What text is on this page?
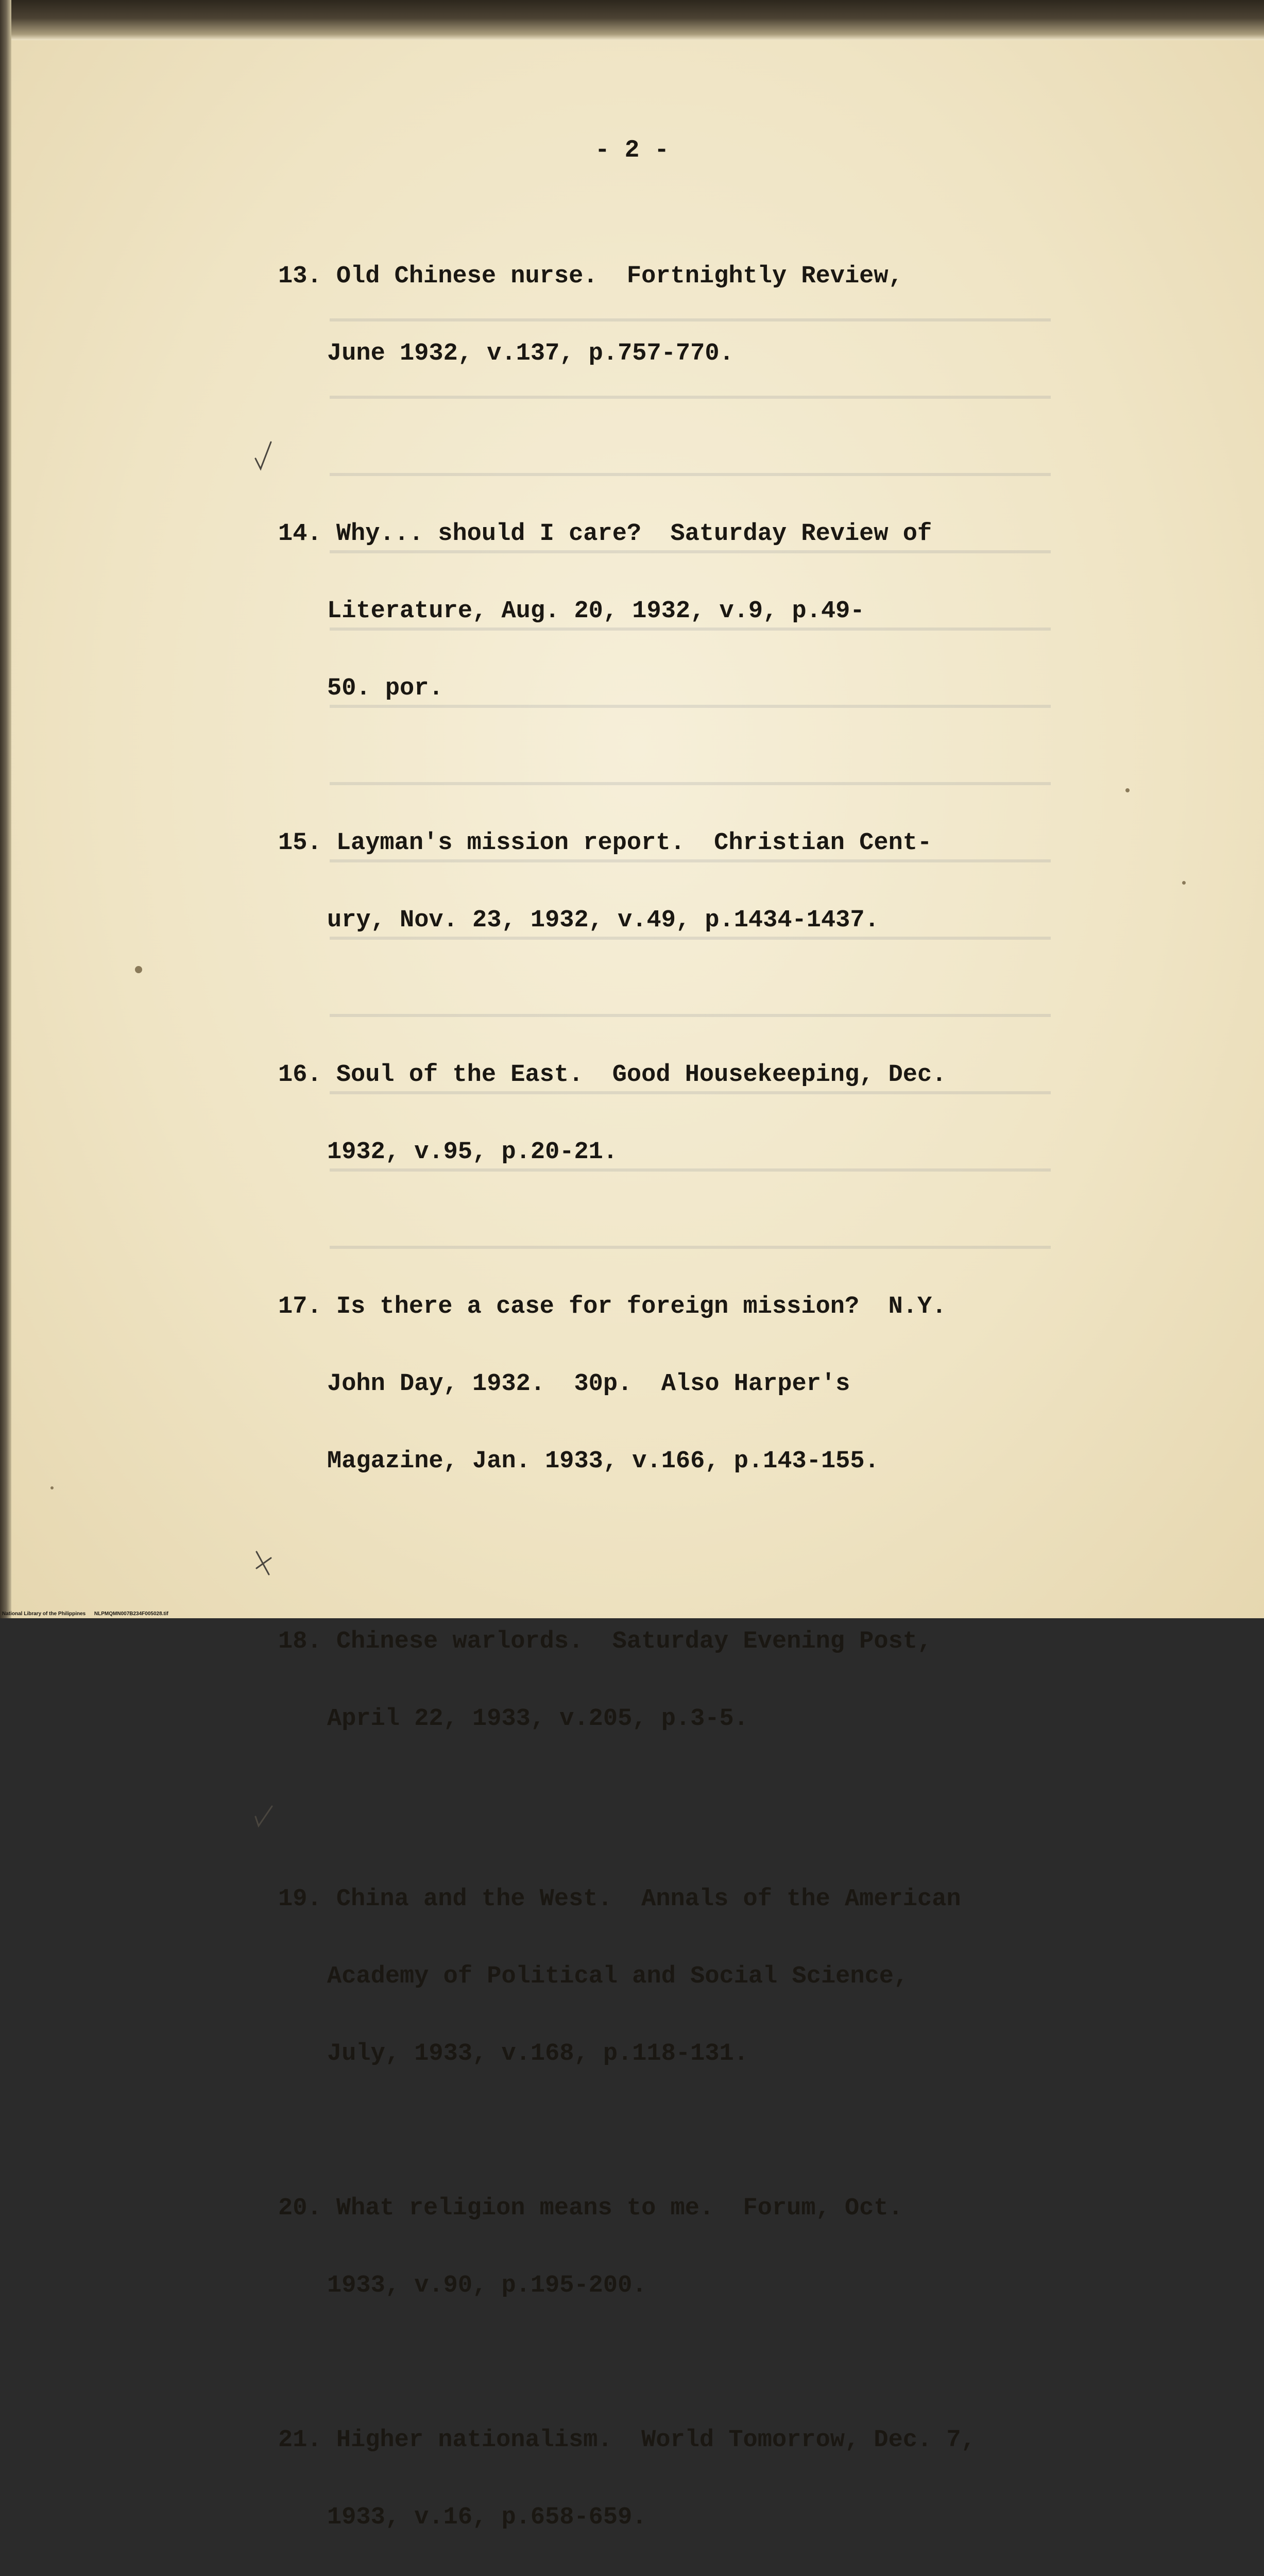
- 2 -

13. Old Chinese nurse.  Fortnightly Review,

June 1932, v.137, p.757-770.

14. Why... should I care?  Saturday Review of

Literature, Aug. 20, 1932, v.9, p.49-

50. por.

15. Layman's mission report.  Christian Cent-

ury, Nov. 23, 1932, v.49, p.1434-1437.

16. Soul of the East.  Good Housekeeping, Dec.

1932, v.95, p.20-21.

17. Is there a case for foreign mission?  N.Y.

John Day, 1932.  30p.  Also Harper's

Magazine, Jan. 1933, v.166, p.143-155.

18. Chinese warlords.  Saturday Evening Post,

April 22, 1933, v.205, p.3-5.

19. China and the West.  Annals of the American

Academy of Political and Social Science,

July, 1933, v.168, p.118-131.

20. What religion means to me.  Forum, Oct.

1933, v.90, p.195-200.

21. Higher nationalism.  World Tomorrow, Dec. 7,

1933, v.16, p.658-659.

National Library of the Philippines NLPMQMN007B234F005028.tif
